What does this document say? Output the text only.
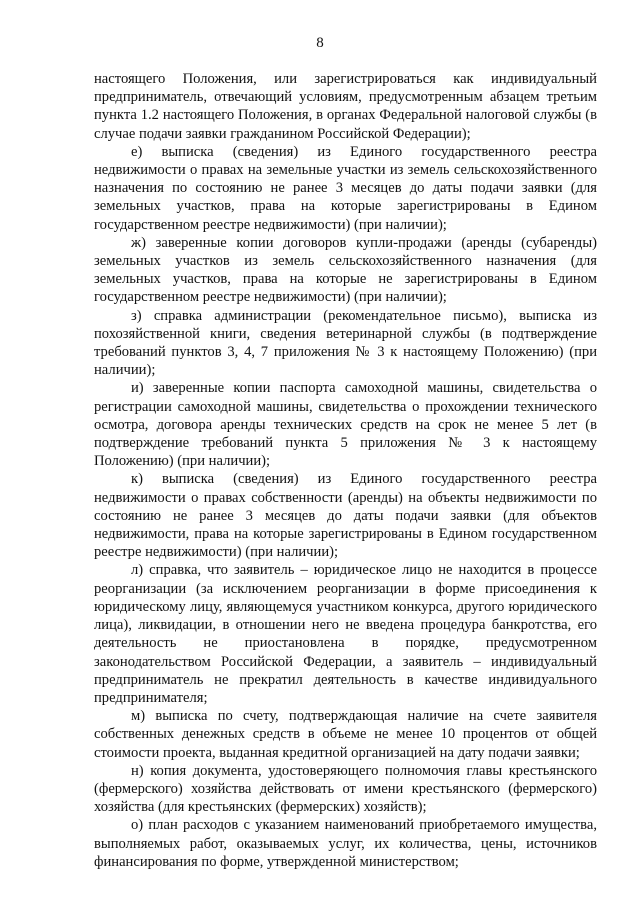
8

настоящего Положения, или зарегистрироваться как индивидуальный предприниматель, отвечающий условиям, предусмотренным абзацем третьим пункта 1.2 настоящего Положения, в органах Федеральной налоговой службы (в случае подачи заявки гражданином Российской Федерации);

е) выписка (сведения) из Единого государственного реестра недвижимости о правах на земельные участки из земель сельскохозяйственного назначения по состоянию не ранее 3 месяцев до даты подачи заявки (для земельных участков, права на которые зарегистрированы в Едином государственном реестре недвижимости) (при наличии);

ж) заверенные копии договоров купли-продажи (аренды (субаренды) земельных участков из земель сельскохозяйственного назначения (для земельных участков, права на которые не зарегистрированы в Едином государственном реестре недвижимости) (при наличии);

з) справка администрации (рекомендательное письмо), выписка из похозяйственной книги, сведения ветеринарной службы (в подтверждение требований пунктов 3, 4, 7 приложения № 3 к настоящему Положению) (при наличии);

и) заверенные копии паспорта самоходной машины, свидетельства о регистрации самоходной машины, свидетельства о прохождении технического осмотра, договора аренды технических средств на срок не менее 5 лет (в подтверждение требований пункта 5 приложения № 3 к настоящему Положению) (при наличии);

к) выписка (сведения) из Единого государственного реестра недвижимости о правах собственности (аренды) на объекты недвижимости по состоянию не ранее 3 месяцев до даты подачи заявки (для объектов недвижимости, права на которые зарегистрированы в Едином государственном реестре недвижимости) (при наличии);

л) справка, что заявитель – юридическое лицо не находится в процессе реорганизации (за исключением реорганизации в форме присоединения к юридическому лицу, являющемуся участником конкурса, другого юридического лица), ликвидации, в отношении него не введена процедура банкротства, его деятельность не приостановлена в порядке, предусмотренном законодательством Российской Федерации, а заявитель – индивидуальный предприниматель не прекратил деятельность в качестве индивидуального предпринимателя;

м) выписка по счету, подтверждающая наличие на счете заявителя собственных денежных средств в объеме не менее 10 процентов от общей стоимости проекта, выданная кредитной организацией на дату подачи заявки;

н) копия документа, удостоверяющего полномочия главы крестьянского (фермерского) хозяйства действовать от имени крестьянского (фермерского) хозяйства (для крестьянских (фермерских) хозяйств);

о) план расходов с указанием наименований приобретаемого имущества, выполняемых работ, оказываемых услуг, их количества, цены, источников финансирования по форме, утвержденной министерством;
